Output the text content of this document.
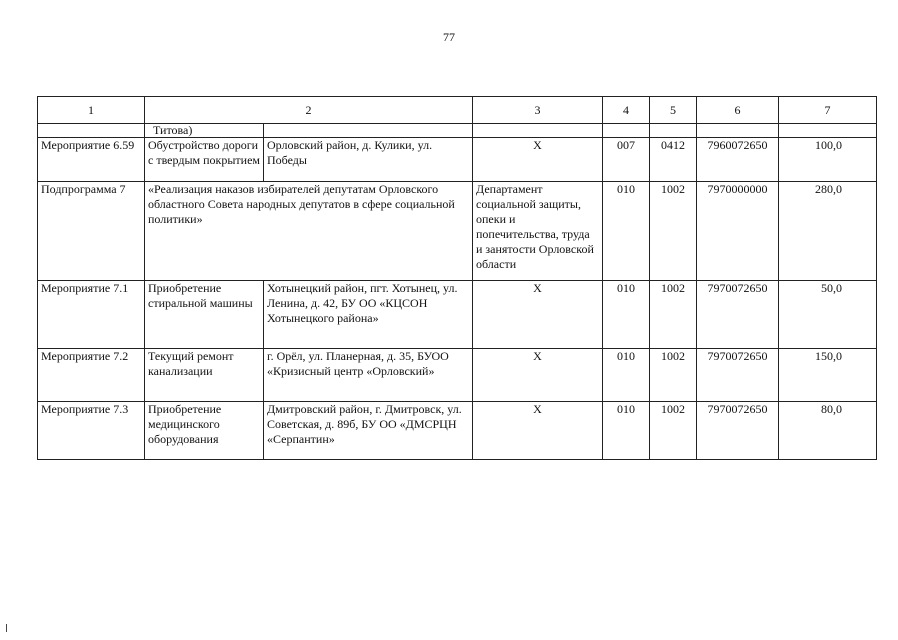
77
1	2		3	4	5	6	7
	Титова)						
Мероприятие 6.59	Обустройство дороги с твердым покрытием	Орловский район, д. Кулики, ул. Победы	Х	007	0412	7960072650	100,0
Подпрограмма 7	«Реализация наказов избирателей депутатам Орловского областного Совета народных депутатов в сфере социальной политики»		Департамент социальной защиты, опеки и попечительства, труда и занятости Орловской области	010	1002	7970000000	280,0
Мероприятие 7.1	Приобретение стиральной машины	Хотынецкий район, пгт. Хотынец, ул. Ленина, д. 42, БУ ОО «КЦСОН Хотынецкого района»	Х	010	1002	7970072650	50,0
Мероприятие 7.2	Текущий ремонт канализации	г. Орёл, ул. Планерная, д. 35, БУОО «Кризисный центр «Орловский»	Х	010	1002	7970072650	150,0
Мероприятие 7.3	Приобретение медицинского оборудования	Дмитровский район, г. Дмитровск, ул. Советская, д. 89б, БУ ОО «ДМСРЦН «Серпантин»	Х	010	1002	7970072650	80,0
